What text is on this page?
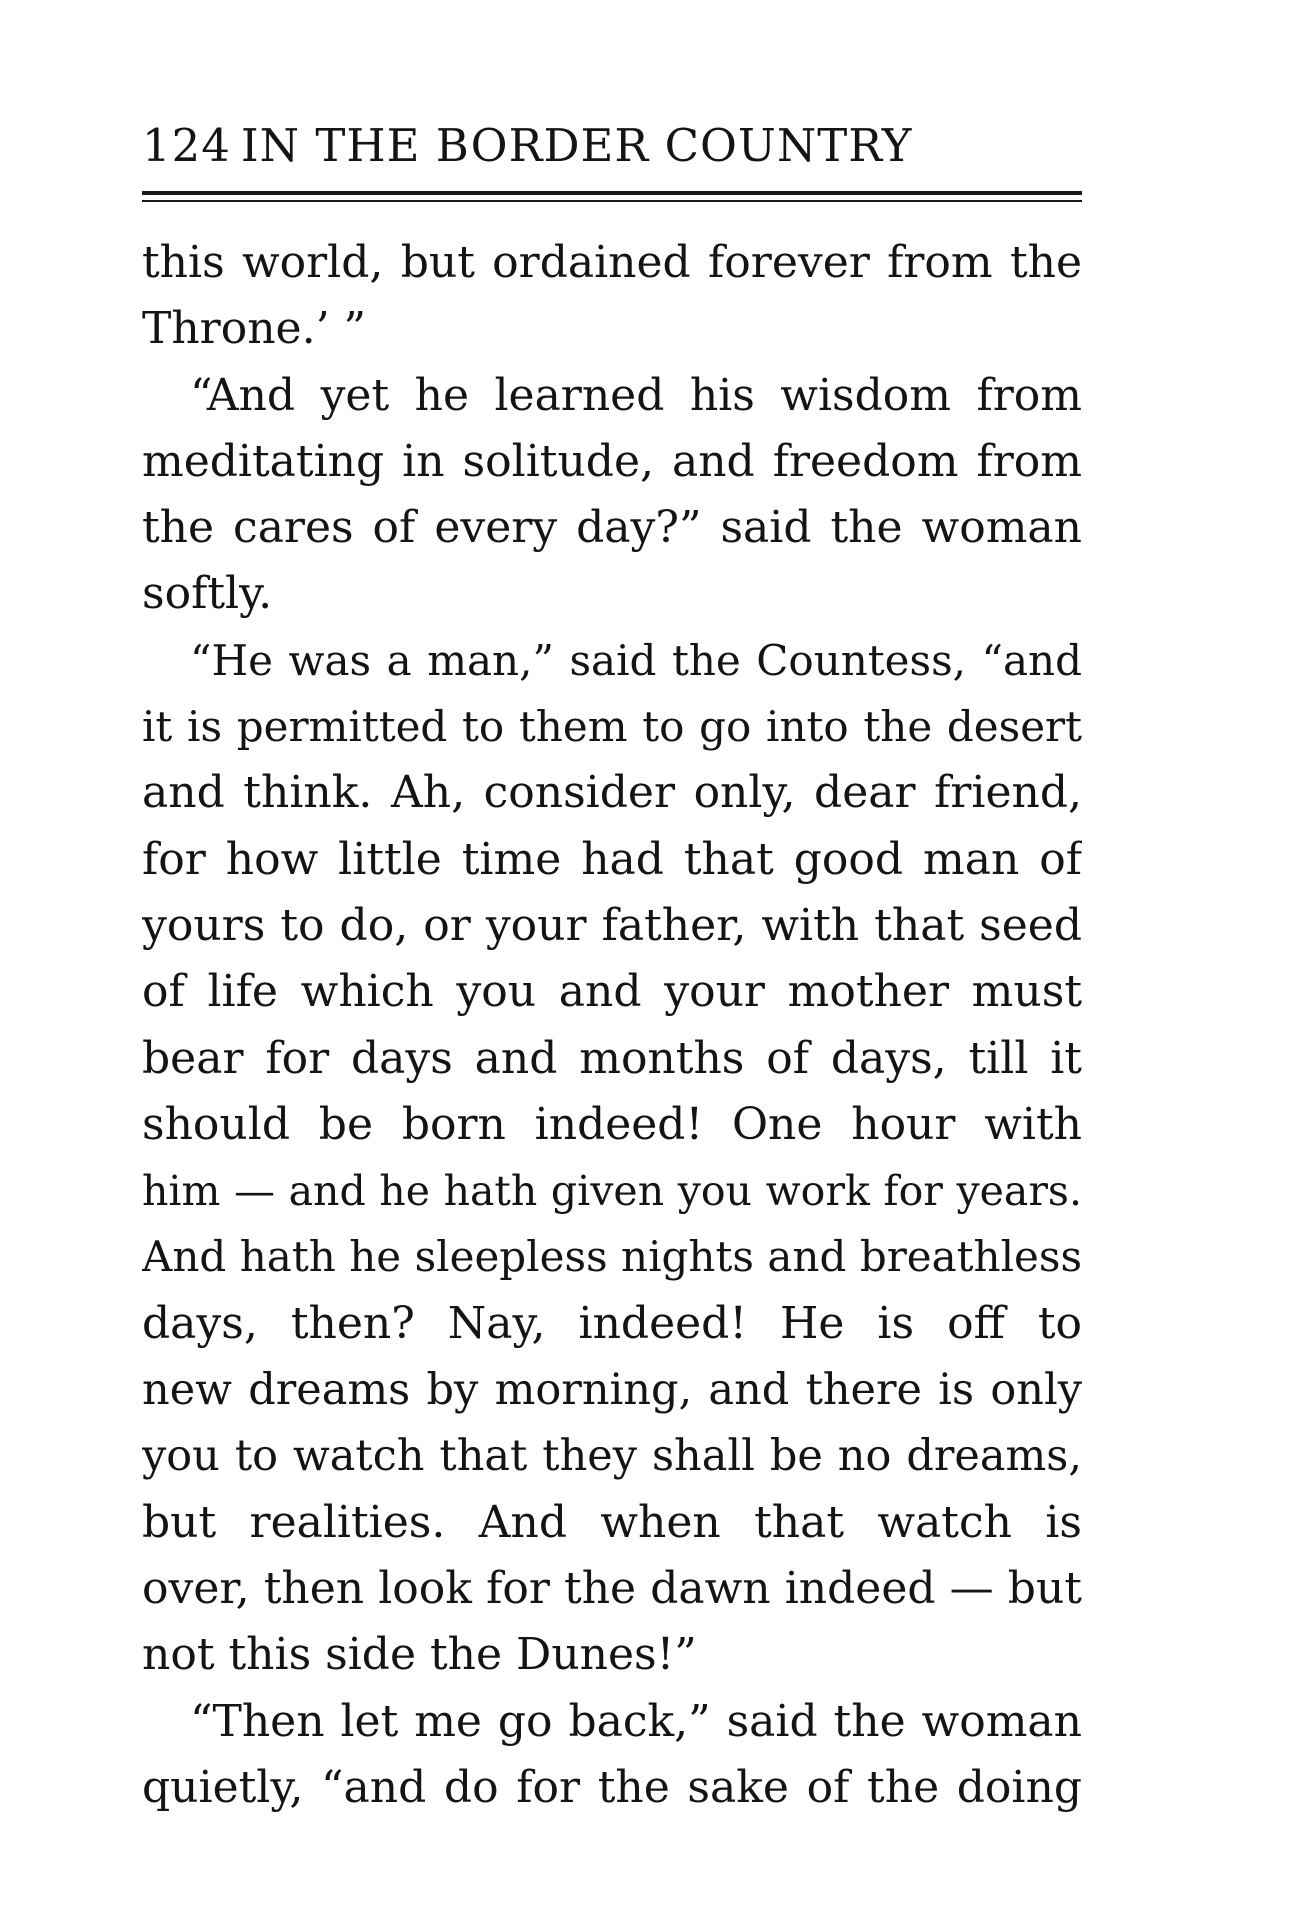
124 IN THE BORDER COUNTRY
this world, but ordained forever from the
Throne.’ ”
“And yet he learned his wisdom from
meditating in solitude, and freedom from
the cares of every day?” said the woman
softly.
“He was a man,” said the Countess, “and
it is permitted to them to go into the desert
and think. Ah, consider only, dear friend,
for how little time had that good man of
yours to do, or your father, with that seed
of life which you and your mother must
bear for days and months of days, till it
should be born indeed! One hour with
him — and he hath given you work for years.
And hath he sleepless nights and breathless
days, then? Nay, indeed! He is off to
new dreams by morning, and there is only
you to watch that they shall be no dreams,
but realities. And when that watch is
over, then look for the dawn indeed — but
not this side the Dunes!”
“Then let me go back,” said the woman
quietly, “and do for the sake of the doing
